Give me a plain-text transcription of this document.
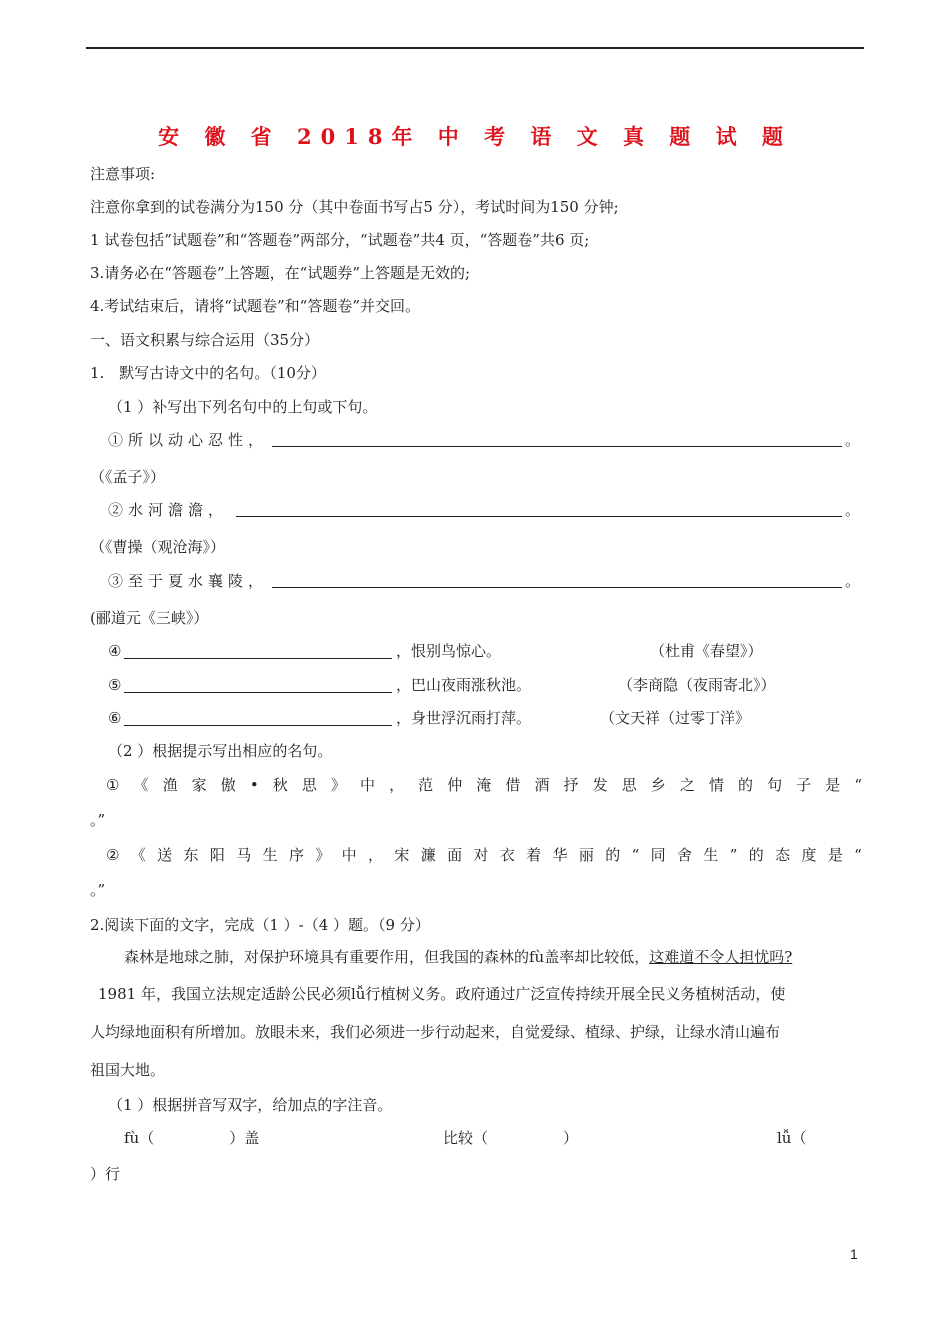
安 徽 省 2018年 中 考 语 文 真 题 试 题
注意事项:
注意你拿到的试卷满分为150 分（其中卷面书写占5 分），考试时间为150 分钟;
1 试卷包括”试题卷”和“答题卷”两部分，“试题卷”共4 页，“答题卷”共6 页;
3.请务必在“答题卷”上答题，在“试题券”上答题是无效的;
4.考试结束后，请将“试题卷”和“答题卷”并交回。
一、语文积累与综合运用（35分）
1.　默写古诗文中的名句。（10分）
（1 ）补写出下列名句中的上句或下句。
①所以动心忍性，	。
（《孟子》）
②水河澹澹，	。
（《曹操（观沧海》）
③至于夏水襄陵，	。
(郦道元《三峡》）
④	，恨别鸟惊心。	（杜甫《春望》）
⑤	，巴山夜雨涨秋池。	（李商隐（夜雨寄北》）
⑥	，身世浮沉雨打萍。	（文天祥（过零丁洋》
（2 ）根据提示写出相应的名句。
① 《 渔 家 傲 • 秋 思 》 中 ， 范 仲 淹 借 酒 抒 发 思 乡 之 情 的 句 子 是 “
。”
② 《 送 东 阳 马 生 序 》 中 ， 宋 濂 面 对 衣 着 华 丽 的 “ 同 舍 生 ” 的 态 度 是 “
。”
2.阅读下面的文字，完成（1 ）-（4 ）题。（9 分）
森林是地球之肺，对保护环境具有重要作用，但我国的森林的fù盖率却比较低，这难道不令人担忧吗?
1981 年，我国立法规定适龄公民必须lǚ行植树义务。政府通过广泛宣传持续开展全民义务植树活动，使
人均绿地面积有所增加。放眼未来，我们必须进一步行动起来，自觉爱绿、植绿、护绿，让绿水清山遍布
祖国大地。
（1 ）根据拼音写双字，给加点的字注音。
fù（　　　　　）盖	比较（　　　　　）	lǚ（
）行
1
